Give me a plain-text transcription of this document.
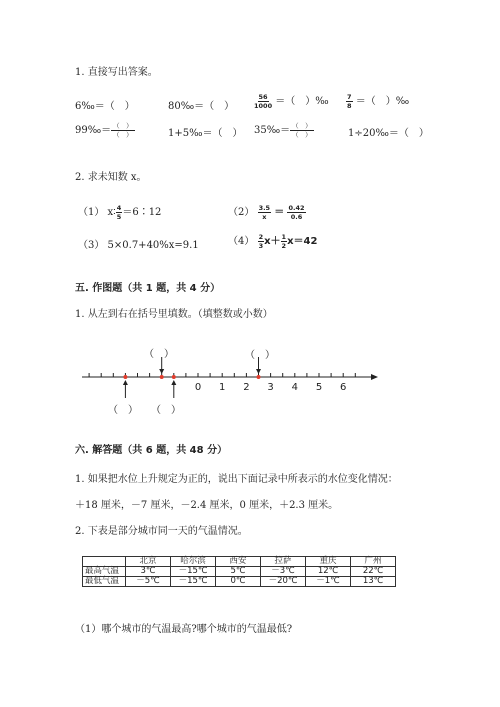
1. 直接写出答案。
6‰＝（　）	80‰＝（　）	$\frac{56}{1000}$ ＝（　）‰	$\frac{7}{8}$ ＝（　）‰
99‰＝ （　）
（　）	1+5‰＝（　） 35‰＝ （　）
（　）	1÷20‰＝（　）
2. 求未知数 x。
（1） x∶ $\frac{4}{5}$ ＝6∶12	$(2) \frac{3.5}{x} = \frac{0.42}{0.6}$
（3） 5×0.7+40%x=9.1	$(4) \frac{2}{3} x+ \frac{1}{2} x=42$
五. 作图题（共 1 题，共 4 分）
1. 从左到右在括号里填数。（填整数或小数）
0 1 2 3 4 5 6
（　）	（　）
（　） （　）
六. 解答题（共 6 题，共 48 分）
1. 如果把水位上升规定为正的，说出下面记录中所表示的水位变化情况：
＋18 厘米，－7 厘米，－2.4 厘米，0 厘米，＋2.3 厘米。
2. 下表是部分城市同一天的气温情况。
	北京	哈尔滨	西安	拉萨	重庆	广州
最高气温	3℃	－15℃	5℃	－3℃	12℃	22℃
最低气温	－5℃	－15℃	0℃	－20℃	－1℃	13℃
（1）哪个城市的气温最高?哪个城市的气温最低?
